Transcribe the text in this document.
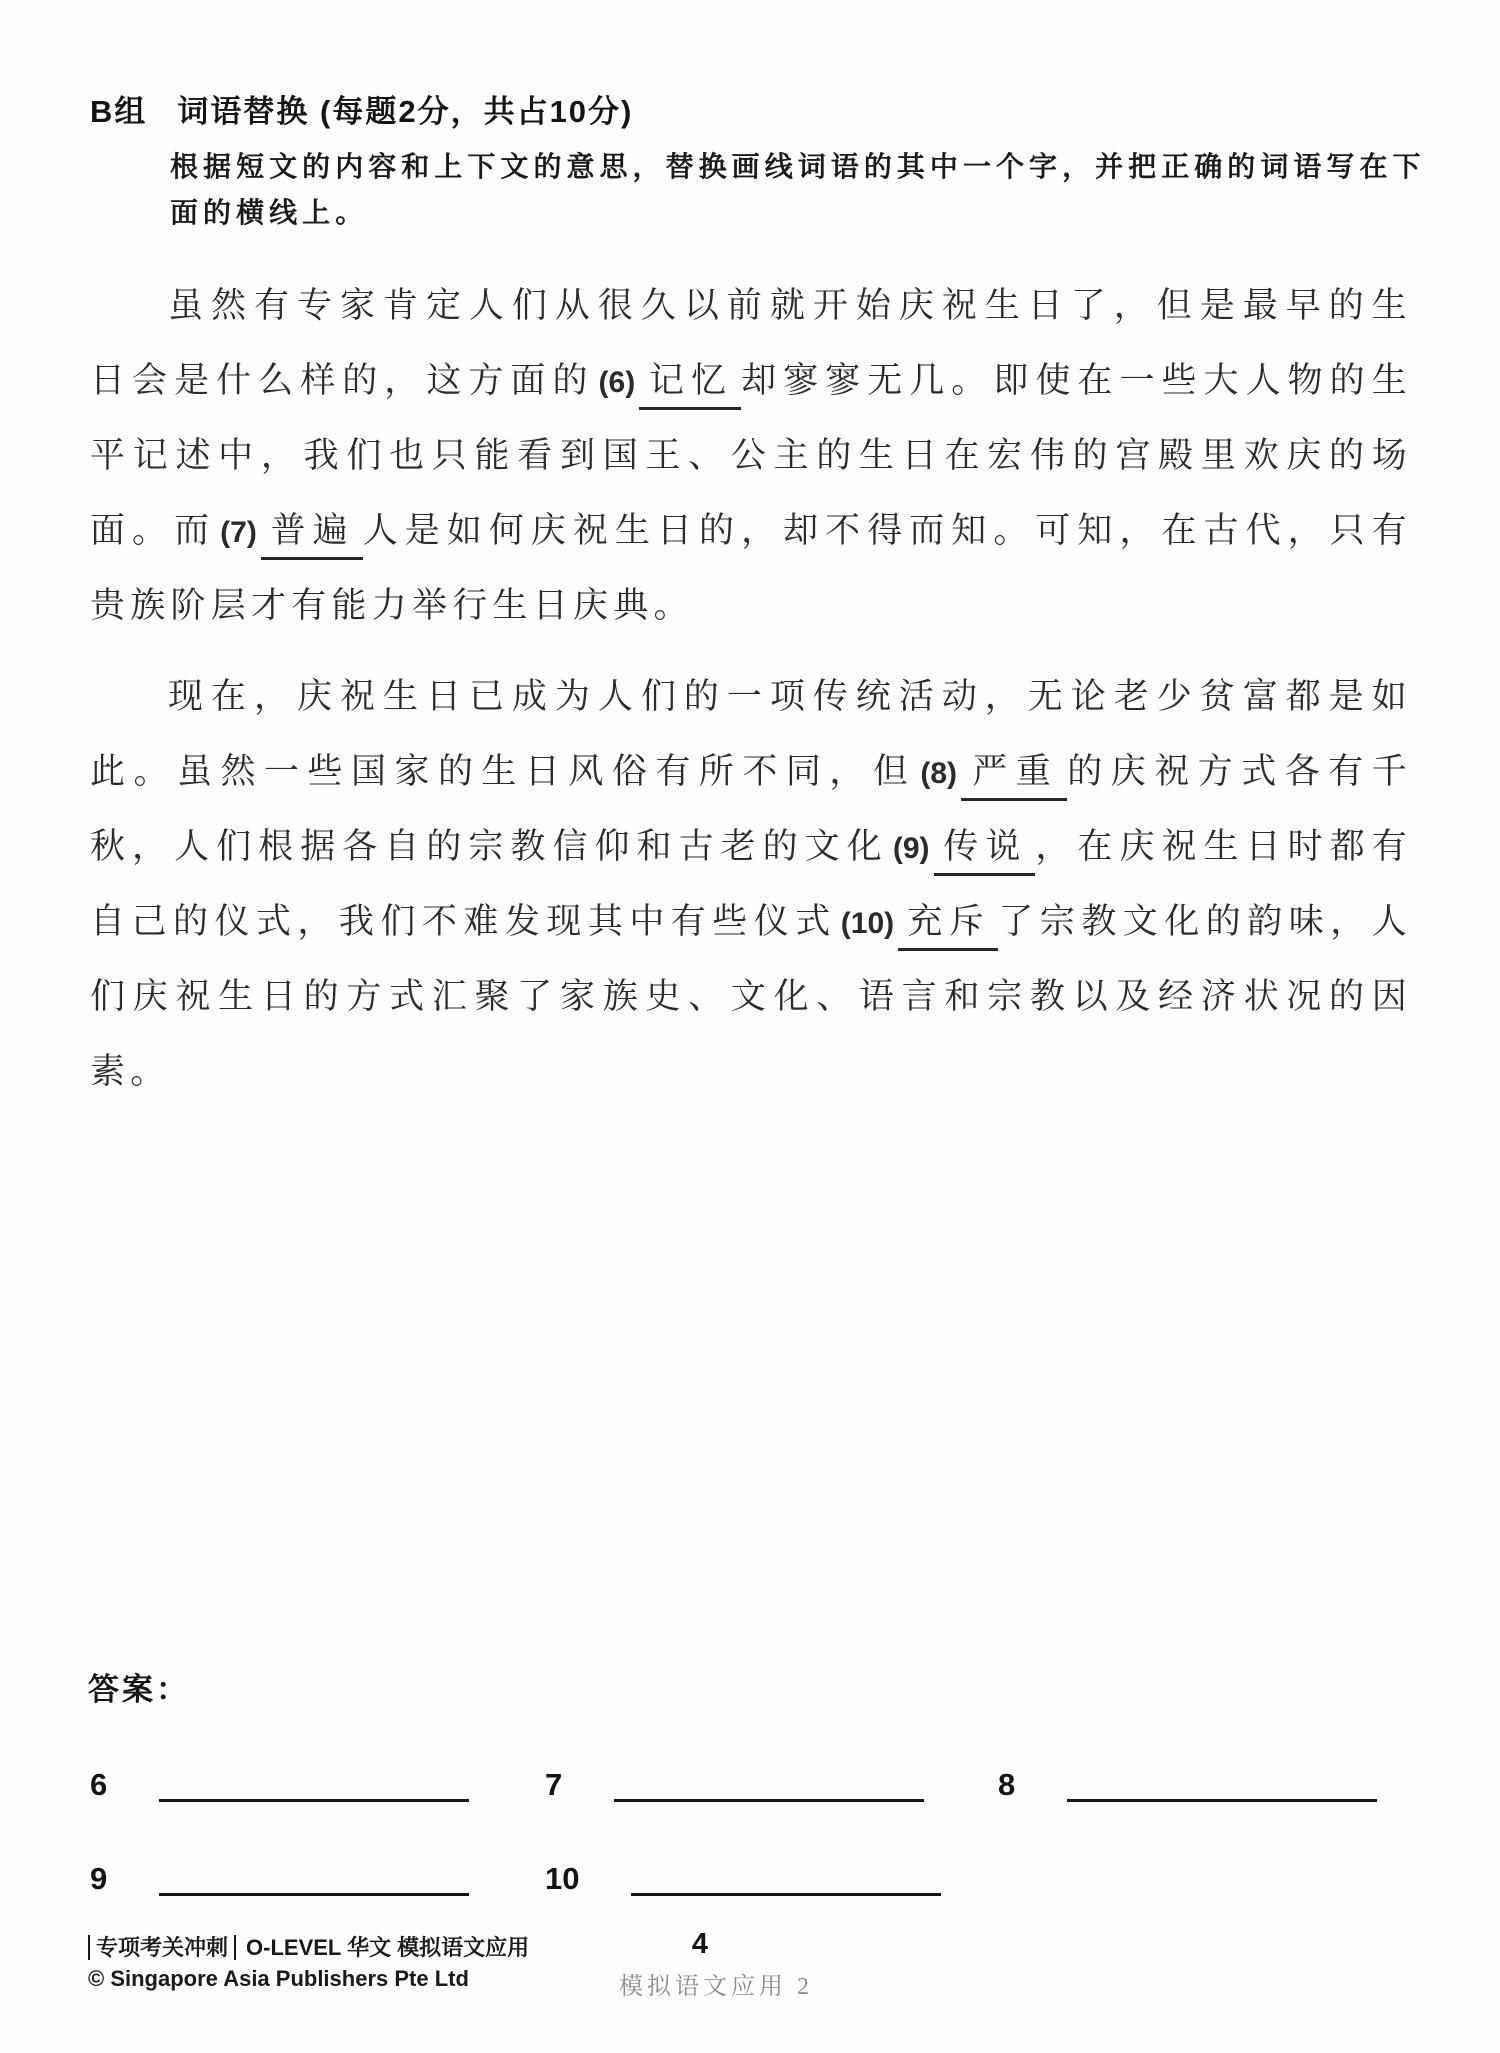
B组 词语替换 (每题2分，共占10分)
根据短文的内容和上下文的意思，替换画线词语的其中一个字，并把正确的词语写在下
面的横线上。
虽然有专家肯定人们从很久以前就开始庆祝生日了，但是最早的生
日会是什么样的，这方面的 (6) 记忆 却寥寥无几。即使在一些大人物的生
平记述中，我们也只能看到国王、公主的生日在宏伟的宫殿里欢庆的场
面。而 (7) 普遍 人是如何庆祝生日的，却不得而知。可知，在古代，只有
贵族阶层才有能力举行生日庆典。
现在，庆祝生日已成为人们的一项传统活动，无论老少贫富都是如
此。虽然一些国家的生日风俗有所不同，但 (8) 严重 的庆祝方式各有千
秋，人们根据各自的宗教信仰和古老的文化 (9) 传说 ，在庆祝生日时都有
自己的仪式，我们不难发现其中有些仪式 (10) 充斥 了宗教文化的韵味，人
们庆祝生日的方式汇聚了家族史、文化、语言和宗教以及经济状况的因
素。
答案：
6	7	8
9	10
4
模拟语文应用 2
专项考关冲刺 O-LEVEL 华文 模拟语文应用
© Singapore Asia Publishers Pte Ltd
